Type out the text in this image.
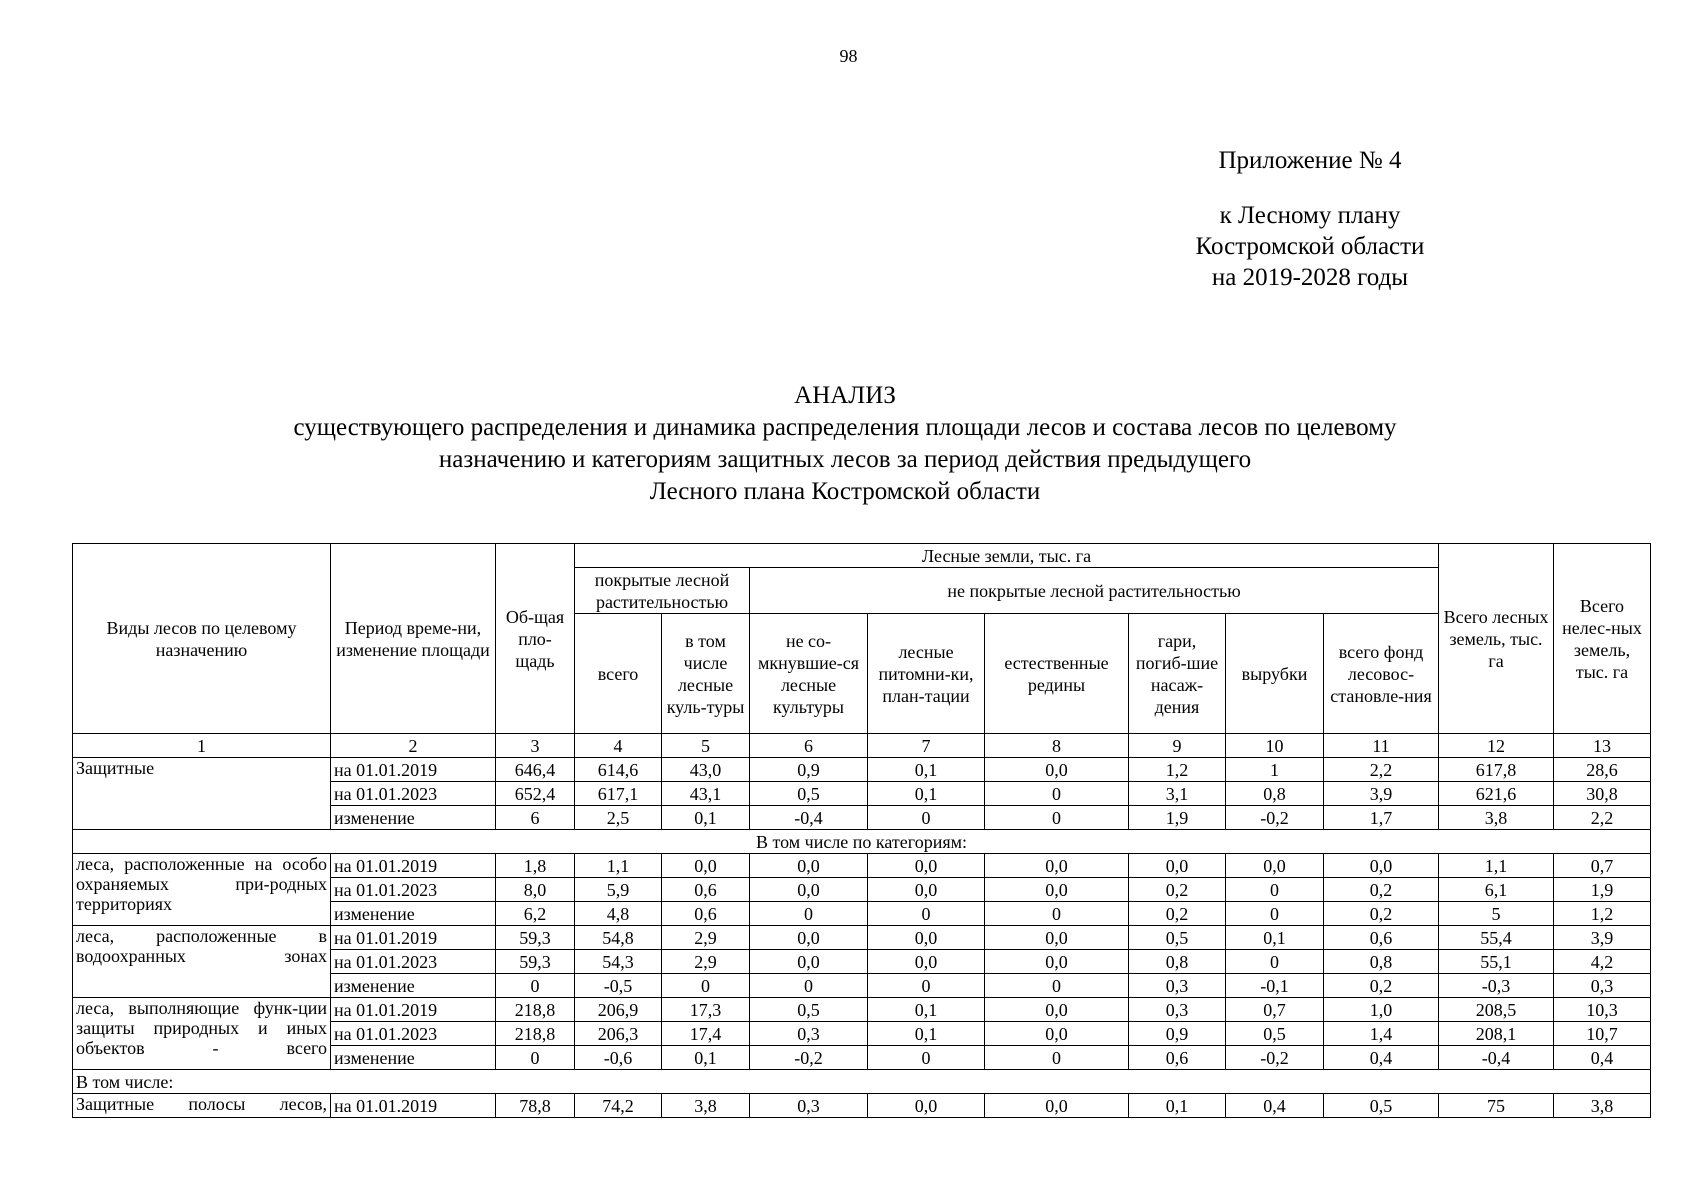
98
Приложение № 4
к Лесному плану
Костромской области
на 2019-2028 годы
АНАЛИЗ
существующего распределения и динамика распределения площади лесов и состава лесов по целевому
назначению и категориям защитных лесов за период действия предыдущего
Лесного плана Костромской области
Виды лесов по целевому назначению	Период време-ни, изменение площади	Об-щая пло-щадь	Лесные земли, тыс. га								Всего лесных земель, тыс. га	Всего нелес-ных земель, тыс. га
			покрытые лесной растительностью		не покрытые лесной растительностью							
			всего	в том числе лесные куль-туры	не со-мкнувшие-ся лесные культуры	лесные питомни-ки, план-тации	естественные редины	гари, погиб-шие насаж-дения	вырубки	всего фонд лесовос-становле-ния		
1	2	3	4	5	6	7	8	9	10	11	12	13
Защитные	на 01.01.2019	646,4	614,6	43,0	0,9	0,1	0,0	1,2	1	2,2	617,8	28,6
	на 01.01.2023	652,4	617,1	43,1	0,5	0,1	0	3,1	0,8	3,9	621,6	30,8
	изменение	6	2,5	0,1	-0,4	0	0	1,9	-0,2	1,7	3,8	2,2
В том числе по категориям:												
леса, расположенные на особо охраняемых при-родных территориях	на 01.01.2019	1,8	1,1	0,0	0,0	0,0	0,0	0,0	0,0	0,0	1,1	0,7
	на 01.01.2023	8,0	5,9	0,6	0,0	0,0	0,0	0,2	0	0,2	6,1	1,9
	изменение	6,2	4,8	0,6	0	0	0	0,2	0	0,2	5	1,2
леса, расположенные в водоохранных зонах	на 01.01.2019	59,3	54,8	2,9	0,0	0,0	0,0	0,5	0,1	0,6	55,4	3,9
	на 01.01.2023	59,3	54,3	2,9	0,0	0,0	0,0	0,8	0	0,8	55,1	4,2
	изменение	0	-0,5	0	0	0	0	0,3	-0,1	0,2	-0,3	0,3
леса, выполняющие функ-ции защиты природных и иных объектов - всего	на 01.01.2019	218,8	206,9	17,3	0,5	0,1	0,0	0,3	0,7	1,0	208,5	10,3
	на 01.01.2023	218,8	206,3	17,4	0,3	0,1	0,0	0,9	0,5	1,4	208,1	10,7
	изменение	0	-0,6	0,1	-0,2	0	0	0,6	-0,2	0,4	-0,4	0,4
В том числе:												
Защитные полосы лесов,	на 01.01.2019	78,8	74,2	3,8	0,3	0,0	0,0	0,1	0,4	0,5	75	3,8
